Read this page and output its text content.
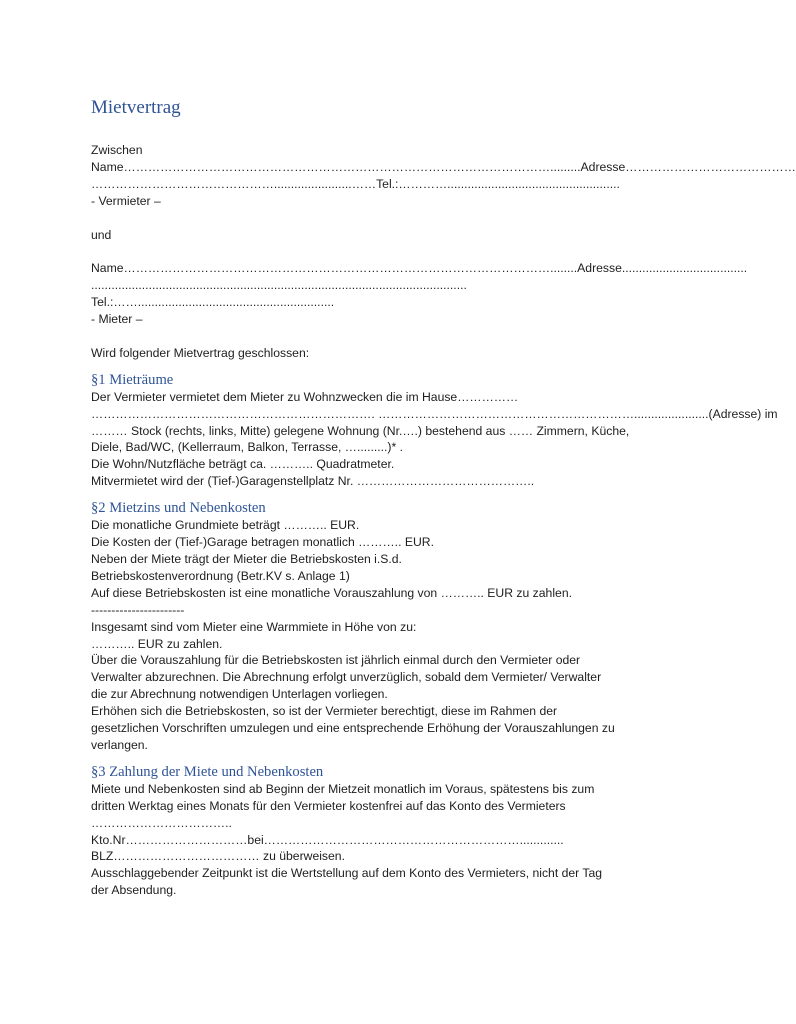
Mietvertrag
Zwischen
Name…………………………………………………………………………………………….........Adresse……………………………………
……………………………………….......................……Tel.:…………...................................................
- Vermieter –
und
Name……………………………………………………………………………………………........Adresse.....................................
...............................................................................................................
Tel.:……..........................................................
- Mieter –
Wird folgender Mietvertrag geschlossen:
§1 Mieträume
Der Vermieter vermietet dem Mieter zu Wohnzwecken die im Hause……………
……………………………………………………………. ………………………………………………………......................(Adresse) im
……… Stock (rechts, links, Mitte) gelegene Wohnung (Nr.….) bestehend aus …… Zimmern, Küche,
Diele, Bad/WC, (Kellerraum, Balkon, Terrasse, ….........)* .
Die Wohn/Nutzfläche beträgt ca. ……….. Quadratmeter.
Mitvermietet wird der (Tief-)Garagenstellplatz Nr. ……………………………………..
§2 Mietzins und Nebenkosten
Die monatliche Grundmiete beträgt ……….. EUR.
Die Kosten der (Tief-)Garage betragen monatlich ……….. EUR.
Neben der Miete trägt der Mieter die Betriebskosten i.S.d.
Betriebskostenverordnung (Betr.KV s. Anlage 1)
Auf diese Betriebskosten ist eine monatliche Vorauszahlung von ……….. EUR zu zahlen.
-----------------------
Insgesamt sind vom Mieter eine Warmmiete in Höhe von zu:
……….. EUR zu zahlen.
Über die Vorauszahlung für die Betriebskosten ist jährlich einmal durch den Vermieter oder
Verwalter abzurechnen. Die Abrechnung erfolgt unverzüglich, sobald dem Vermieter/ Verwalter
die zur Abrechnung notwendigen Unterlagen vorliegen.
Erhöhen sich die Betriebskosten, so ist der Vermieter berechtigt, diese im Rahmen der
gesetzlichen Vorschriften umzulegen und eine entsprechende Erhöhung der Vorauszahlungen zu
verlangen.
§3 Zahlung der Miete und Nebenkosten
Miete und Nebenkosten sind ab Beginn der Mietzeit monatlich im Voraus, spätestens bis zum
dritten Werktag eines Monats für den Vermieter kostenfrei auf das Konto des Vermieters
……………………………..
Kto.Nr…………………………bei……………………………………………………….............
BLZ……………………………… zu überweisen.
Ausschlaggebender Zeitpunkt ist die Wertstellung auf dem Konto des Vermieters, nicht der Tag
der Absendung.
